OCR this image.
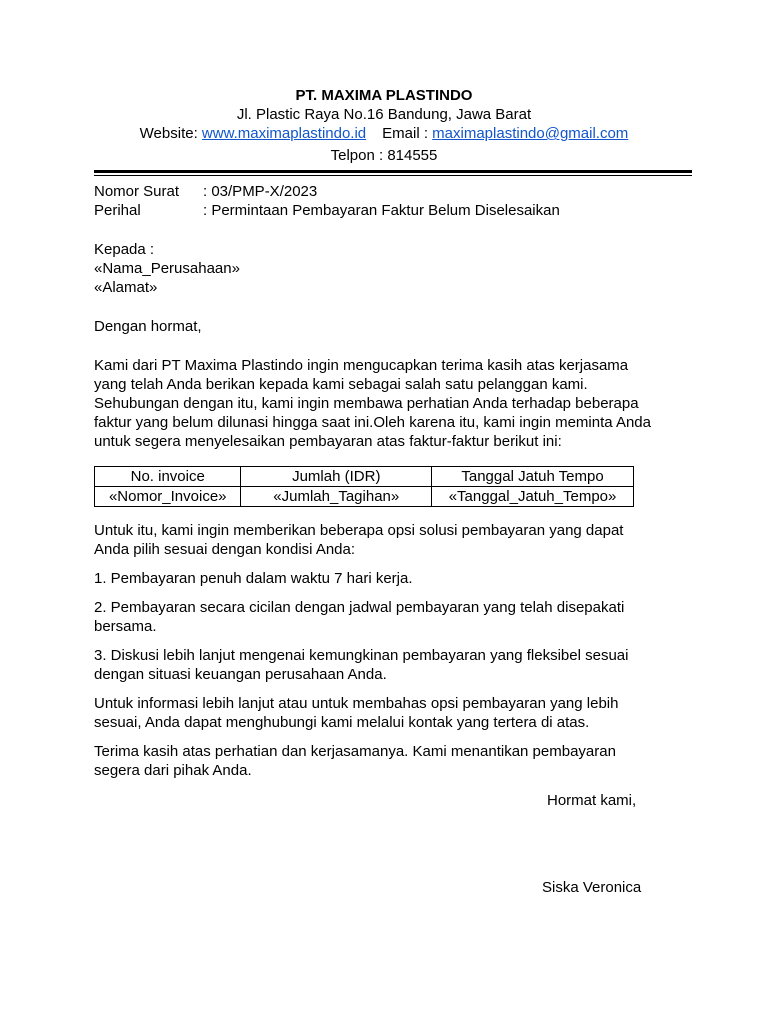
PT. MAXIMA PLASTINDO
Jl. Plastic Raya No.16 Bandung, Jawa Barat
Website: www.maximaplastindo.id Email : maximaplastindo@gmail.com
Telpon : 814555
Nomor Surat : 03/PMP-X/2023
Perihal	: Permintaan Pembayaran Faktur Belum Diselesaikan
Kepada :
«Nama_Perusahaan»
«Alamat»
Dengan hormat,
Kami dari PT Maxima Plastindo ingin mengucapkan terima kasih atas kerjasama
yang telah Anda berikan kepada kami sebagai salah satu pelanggan kami.
Sehubungan dengan itu, kami ingin membawa perhatian Anda terhadap beberapa
faktur yang belum dilunasi hingga saat ini.Oleh karena itu, kami ingin meminta Anda
untuk segera menyelesaikan pembayaran atas faktur-faktur berikut ini:
No. invoice	Jumlah (IDR)	Tanggal Jatuh Tempo
«Nomor_Invoice»	«Jumlah_Tagihan»	«Tanggal_Jatuh_Tempo»
Untuk itu, kami ingin memberikan beberapa opsi solusi pembayaran yang dapat
Anda pilih sesuai dengan kondisi Anda:
1. Pembayaran penuh dalam waktu 7 hari kerja.
2. Pembayaran secara cicilan dengan jadwal pembayaran yang telah disepakati
bersama.
3. Diskusi lebih lanjut mengenai kemungkinan pembayaran yang fleksibel sesuai
dengan situasi keuangan perusahaan Anda.
Untuk informasi lebih lanjut atau untuk membahas opsi pembayaran yang lebih
sesuai, Anda dapat menghubungi kami melalui kontak yang tertera di atas.
Terima kasih atas perhatian dan kerjasamanya. Kami menantikan pembayaran
segera dari pihak Anda.
Hormat kami,
Siska Veronica
